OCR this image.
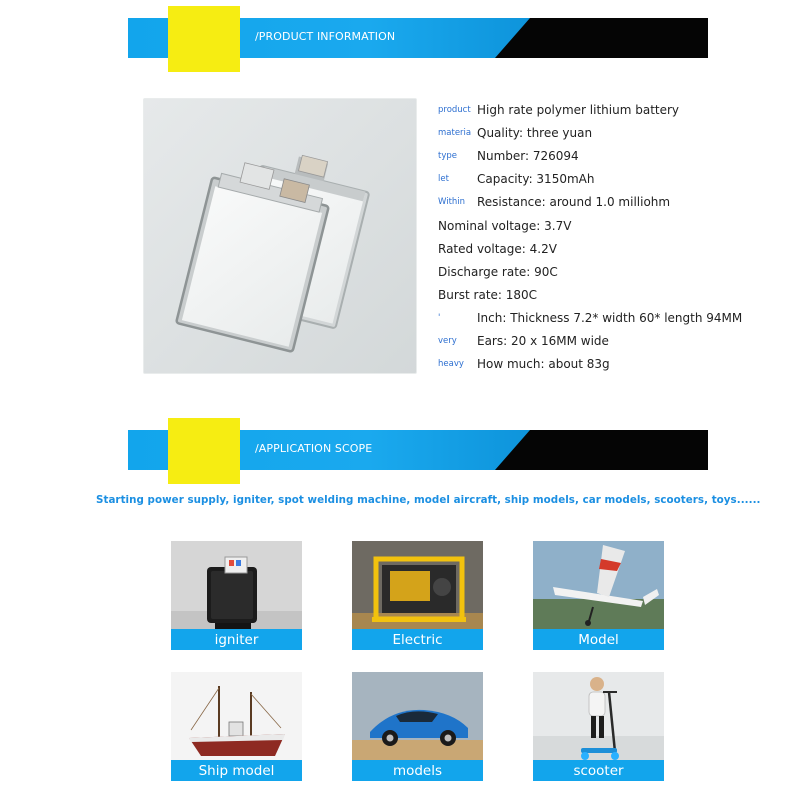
/PRODUCT INFORMATION
product High rate polymer lithium battery
materia Quality: three yuan
type Number: 726094
let Capacity: 3150mAh
Within Resistance: around 1.0 milliohm
Nominal voltage: 3.7V
Rated voltage: 4.2V
Discharge rate: 90C
Burst rate: 180C
'	Inch: Thickness 7.2* width 60* length 94MM
very Ears: 20 x 16MM wide
heavy How much: about 83g
/APPLICATION SCOPE
Starting power supply, igniter, spot welding machine, model aircraft, ship models, car models, scooters, toys......
igniter	Electric	Model
Ship model	models	scooter
